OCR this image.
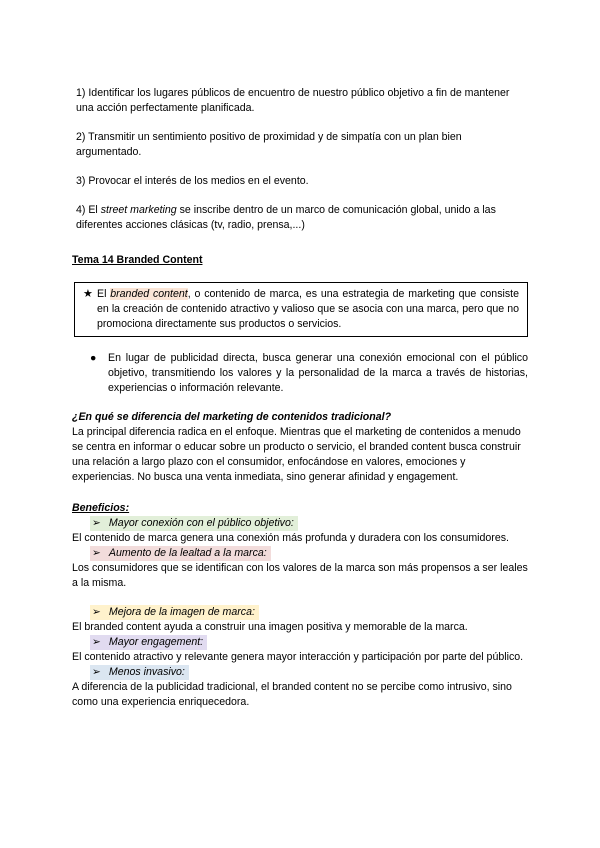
1) Identificar los lugares públicos de encuentro de nuestro público objetivo a fin de mantener una acción perfectamente planificada.

2) Transmitir un sentimiento positivo de proximidad y de simpatía con un plan bien argumentado.

3) Provocar el interés de los medios en el evento.

4) El street marketing se inscribe dentro de un marco de comunicación global, unido a las diferentes acciones clásicas (tv, radio, prensa,...)

Tema 14 Branded Content

★ El branded content, o contenido de marca, es una estrategia de marketing que consiste en la creación de contenido atractivo y valioso que se asocia con una marca, pero que no promociona directamente sus productos o servicios.
● En lugar de publicidad directa, busca generar una conexión emocional con el público objetivo, transmitiendo los valores y la personalidad de la marca a través de historias, experiencias o información relevante.

¿En qué se diferencia del marketing de contenidos tradicional?

La principal diferencia radica en el enfoque. Mientras que el marketing de contenidos a menudo se centra en informar o educar sobre un producto o servicio, el branded content busca construir una relación a largo plazo con el consumidor, enfocándose en valores, emociones y experiencias. No busca una venta inmediata, sino generar afinidad y engagement.

Beneficios:

➢ Mayor conexión con el público objetivo:

El contenido de marca genera una conexión más profunda y duradera con los consumidores.

➢ Aumento de la lealtad a la marca:

Los consumidores que se identifican con los valores de la marca son más propensos a ser leales a la misma.

➢ Mejora de la imagen de marca:

El branded content ayuda a construir una imagen positiva y memorable de la marca.

➢ Mayor engagement:

El contenido atractivo y relevante genera mayor interacción y participación por parte del público.

➢ Menos invasivo:

A diferencia de la publicidad tradicional, el branded content no se percibe como intrusivo, sino como una experiencia enriquecedora.
